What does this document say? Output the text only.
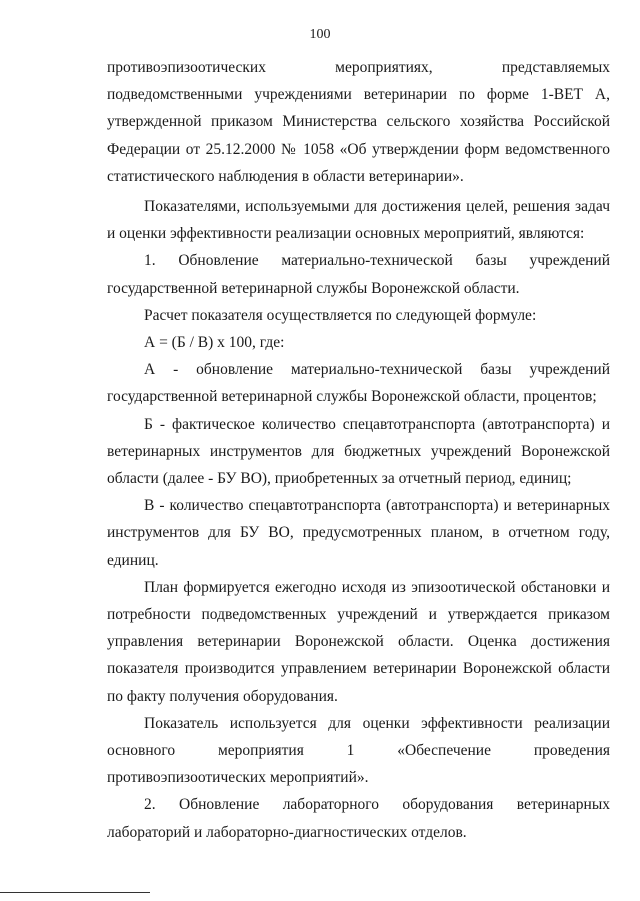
100

противоэпизоотических мероприятиях, представляемых подведомственными учреждениями ветеринарии по форме 1-ВЕТ А, утвержденной приказом Министерства сельского хозяйства Российской Федерации от 25.12.2000 № 1058 «Об утверждении форм ведомственного статистического наблюдения в области ветеринарии».

Показателями, используемыми для достижения целей, решения задач и оценки эффективности реализации основных мероприятий, являются:

1. Обновление материально-технической базы учреждений государственной ветеринарной службы Воронежской области.

Расчет показателя осуществляется по следующей формуле:

А = (Б / В) х 100, где:

А - обновление материально-технической базы учреждений государственной ветеринарной службы Воронежской области, процентов;

Б - фактическое количество спецавтотранспорта (автотранспорта) и ветеринарных инструментов для бюджетных учреждений Воронежской области (далее - БУ ВО), приобретенных за отчетный период, единиц;

В - количество спецавтотранспорта (автотранспорта) и ветеринарных инструментов для БУ ВО, предусмотренных планом, в отчетном году, единиц.

План формируется ежегодно исходя из эпизоотической обстановки и потребности подведомственных учреждений и утверждается приказом управления ветеринарии Воронежской области. Оценка достижения показателя производится управлением ветеринарии Воронежской области по факту получения оборудования.

Показатель используется для оценки эффективности реализации основного мероприятия 1 «Обеспечение проведения противоэпизоотических мероприятий».

2. Обновление лабораторного оборудования ветеринарных лабораторий и лабораторно-диагностических отделов.
